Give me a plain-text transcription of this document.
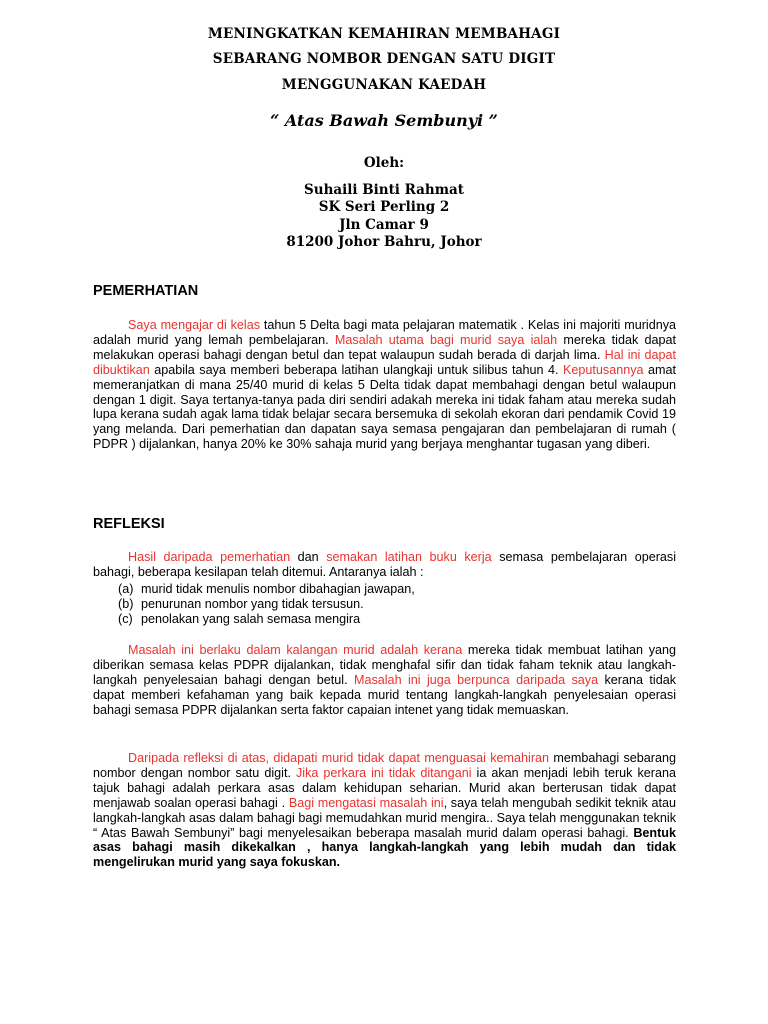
MENINGKATKAN KEMAHIRAN MEMBAHAGI
SEBARANG NOMBOR DENGAN SATU DIGIT
MENGGUNAKAN KAEDAH
“ Atas Bawah Sembunyi ”
Oleh:
Suhaili Binti Rahmat
SK Seri Perling 2
Jln Camar 9
81200 Johor Bahru, Johor
PEMERHATIAN

Saya mengajar di kelas tahun 5 Delta bagi mata pelajaran matematik . Kelas ini majoriti muridnya adalah murid yang lemah pembelajaran. Masalah utama bagi murid saya ialah mereka tidak dapat melakukan operasi bahagi dengan betul dan tepat walaupun sudah berada di darjah lima. Hal ini dapat dibuktikan apabila saya memberi beberapa latihan ulangkaji untuk silibus tahun 4. Keputusannya amat memeranjatkan di mana 25/40 murid di kelas 5 Delta tidak dapat membahagi dengan betul walaupun dengan 1 digit. Saya tertanya-tanya pada diri sendiri adakah mereka ini tidak faham atau mereka sudah lupa kerana sudah agak lama tidak belajar secara bersemuka di sekolah ekoran dari pendamik Covid 19 yang melanda. Dari pemerhatian dan dapatan saya semasa pengajaran dan pembelajaran di rumah ( PDPR ) dijalankan, hanya 20% ke 30% sahaja murid yang berjaya menghantar tugasan yang diberi.

REFLEKSI

Hasil daripada pemerhatian dan semakan latihan buku kerja semasa pembelajaran operasi bahagi, beberapa kesilapan telah ditemui. Antaranya ialah :

(a) murid tidak menulis nombor dibahagian jawapan,
(b) penurunan nombor yang tidak tersusun.
(c) penolakan yang salah semasa mengira

Masalah ini berlaku dalam kalangan murid adalah kerana mereka tidak membuat latihan yang diberikan semasa kelas PDPR dijalankan, tidak menghafal sifir dan tidak faham teknik atau langkah-langkah penyelesaian bahagi dengan betul. Masalah ini juga berpunca daripada saya kerana tidak dapat memberi kefahaman yang baik kepada murid tentang langkah-langkah penyelesaian operasi bahagi semasa PDPR dijalankan serta faktor capaian intenet yang tidak memuaskan.

Daripada refleksi di atas, didapati murid tidak dapat menguasai kemahiran membahagi sebarang nombor dengan nombor satu digit. Jika perkara ini tidak ditangani ia akan menjadi lebih teruk kerana tajuk bahagi adalah perkara asas dalam kehidupan seharian. Murid akan berterusan tidak dapat menjawab soalan operasi bahagi . Bagi mengatasi masalah ini, saya telah mengubah sedikit teknik atau langkah-langkah asas dalam bahagi bagi memudahkan murid mengira.. Saya telah menggunakan teknik “ Atas Bawah Sembunyi” bagi menyelesaikan beberapa masalah murid dalam operasi bahagi. Bentuk asas bahagi masih dikekalkan , hanya langkah-langkah yang lebih mudah dan tidak mengelirukan murid yang saya fokuskan.
